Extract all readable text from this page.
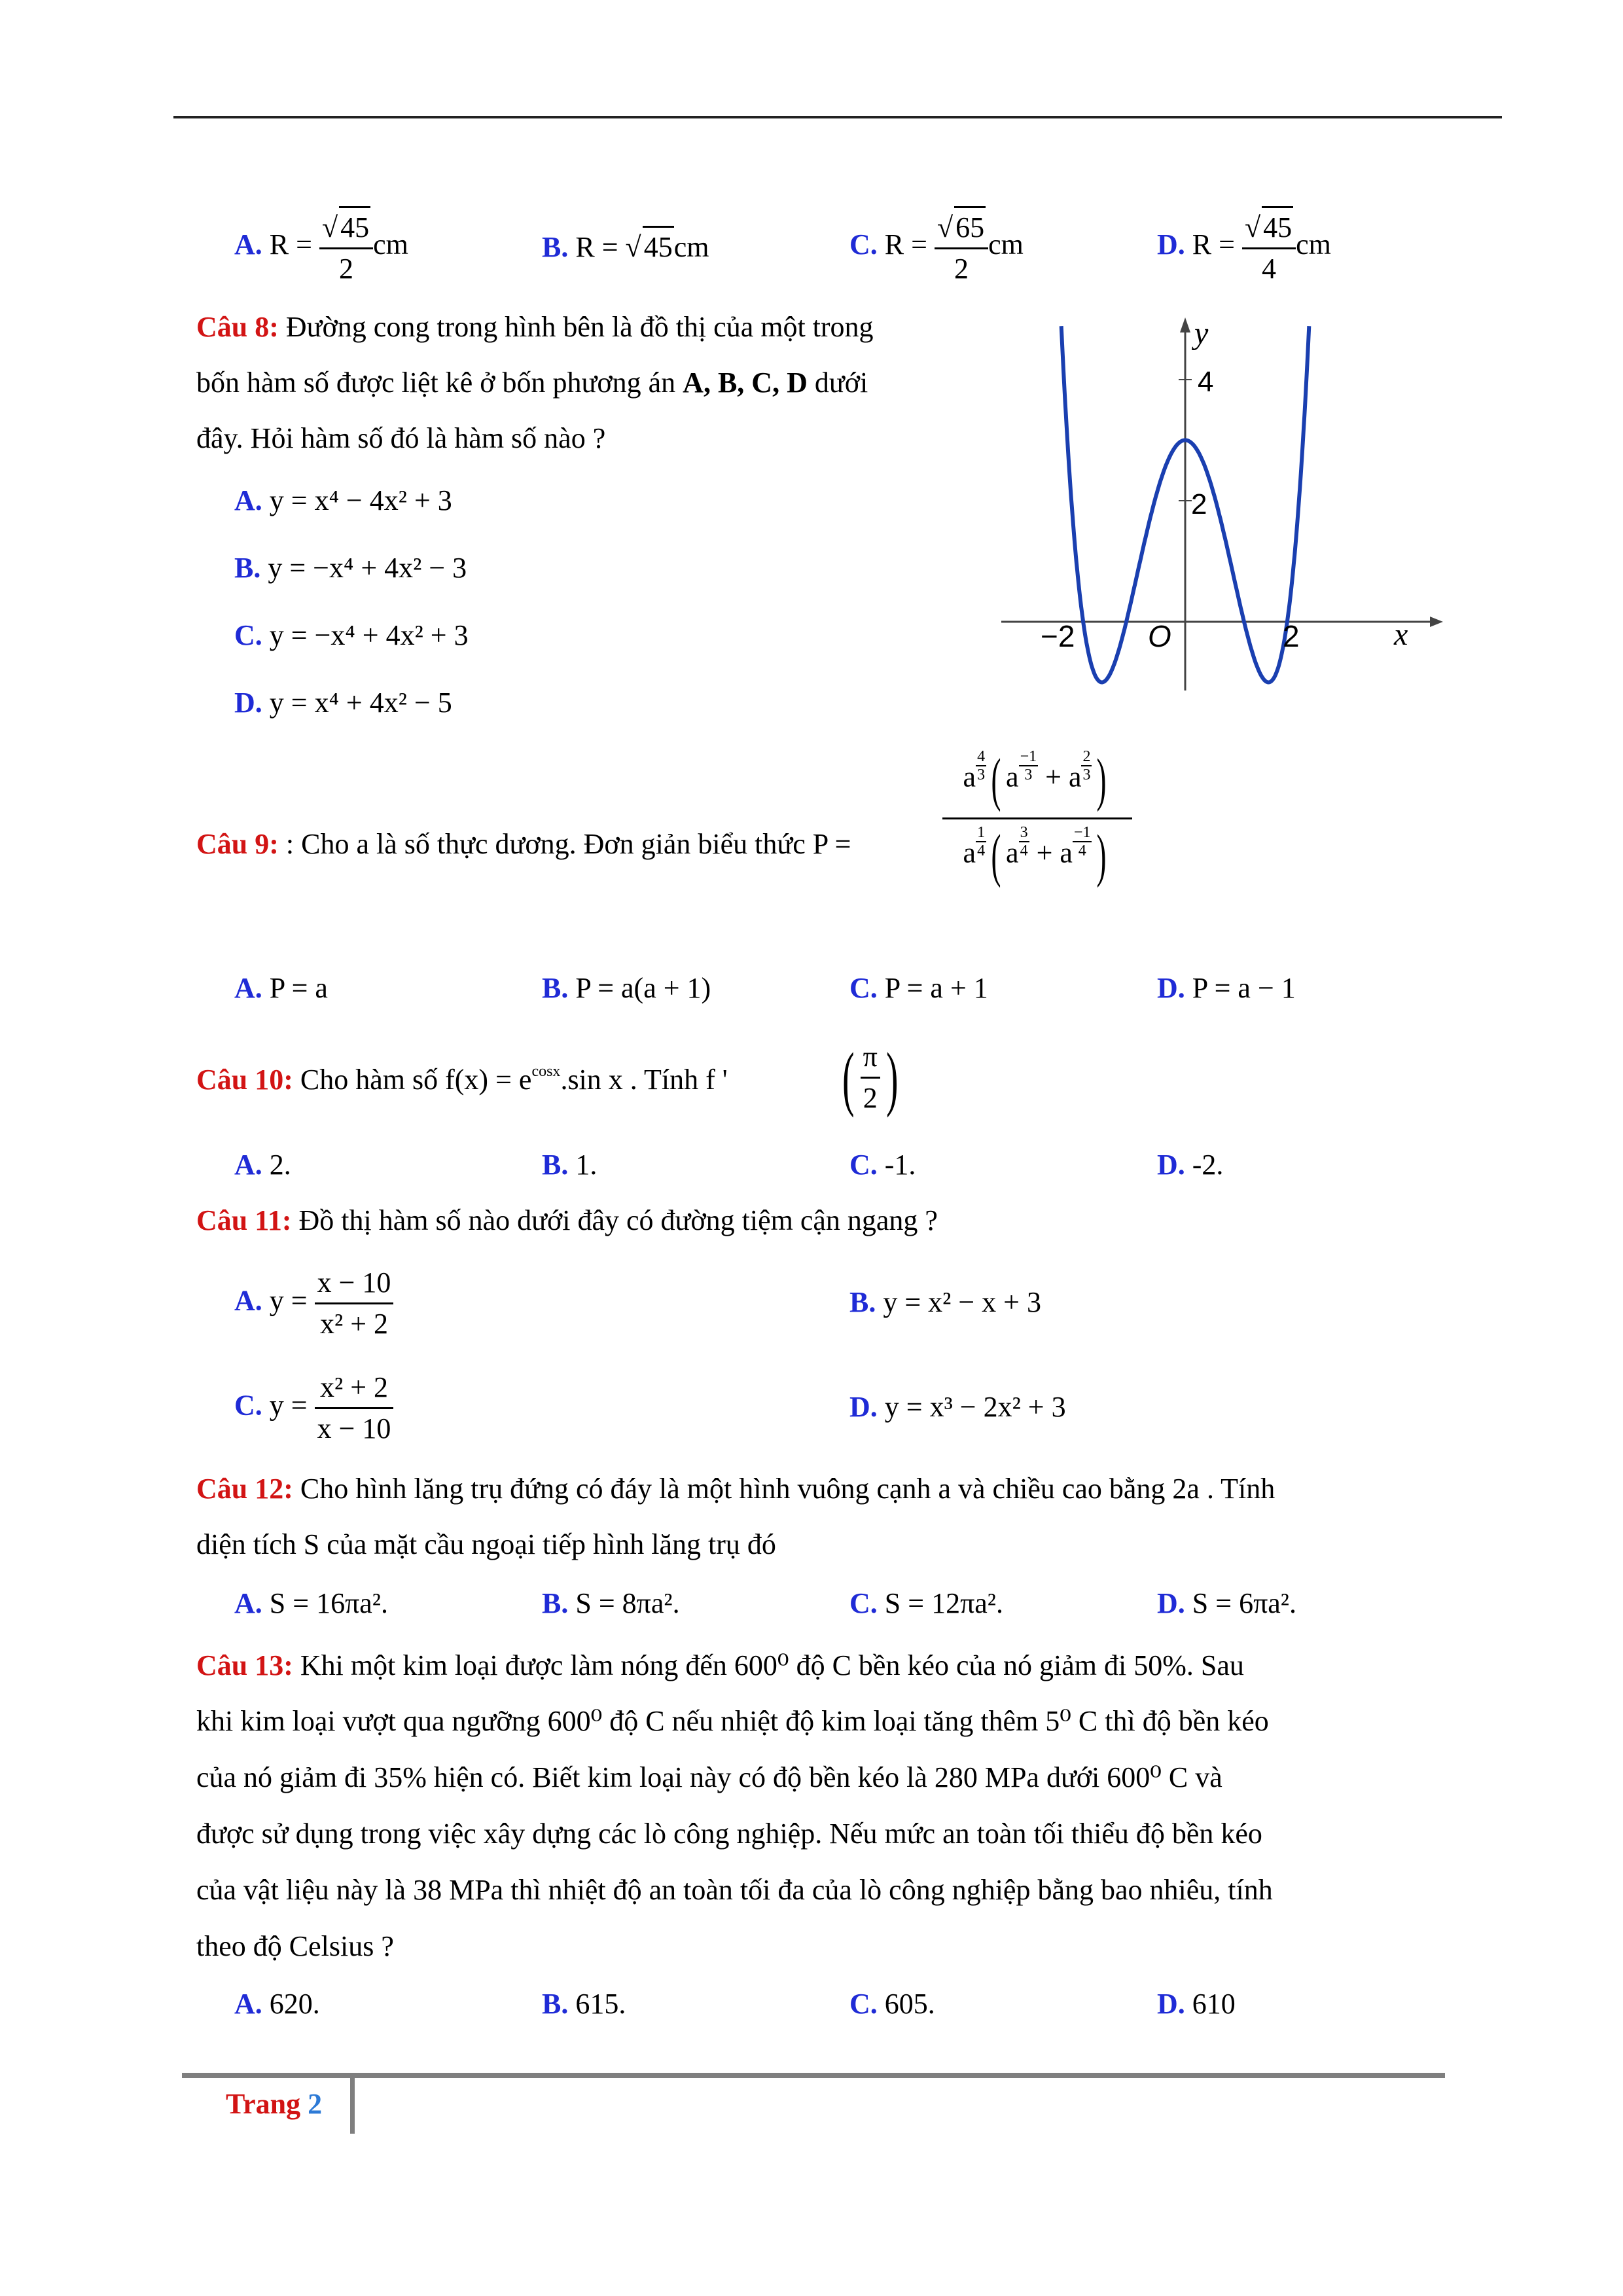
A. $R = \frac{√45}{2}$ cm	B. R = √45cm	C. $R = \frac{√65}{2}$ cm	D. $R = \frac{√45}{4}$ cm
Câu 8: Đường cong trong hình bên là đồ thị của một trong
bốn hàm số được liệt kê ở bốn phương án A, B, C, D dưới
đây. Hỏi hàm số đó là hàm số nào ?
A. y = x⁴ − 4x² + 3
B. y = −x⁴ + 4x² − 3
C. y = −x⁴ + 4x² + 3
D. y = x⁴ + 4x² − 5
y
4
2
−2 O	2	x
Câu 9: : Cho a là số thực dương. Đơn giản biểu thức P =
a $\frac{4}{3}$ ( a $\frac{-1}{3} + a \frac{2}{3}$ )
a $\frac{1}{4}$ ( a $\frac{3}{4} + a \frac{-1}{4}$ )
A. P = a	B. P = a(a + 1)	C. P = a + 1	D. P = a − 1
Câu 10: Cho hàm số $f(x) = e^{cosx}.\sin$ x . Tính f ' ( $\frac{\pi}{2}$ )
A. 2.	B. 1.	C. -1.	D. -2.
Câu 11: Đồ thị hàm số nào dưới đây có đường tiệm cận ngang ?
A. $y = \frac{x - 10}{\text{x² + 2}}$	B. y = x² − x + 3
C. $y = \frac{\text{x² + 2}}{x - 10}$	D. y = x³ − 2x² + 3
Câu 12: Cho hình lăng trụ đứng có đáy là một hình vuông cạnh a và chiều cao bằng 2a . Tính
diện tích S của mặt cầu ngoại tiếp hình lăng trụ đó
A. S = 16πa².	B. S = 8πa².	C. S = 12πa².	D. S = 6πa².
Câu 13: Khi một kim loại được làm nóng đến 600⁰ độ C bền kéo của nó giảm đi 50%. Sau
khi kim loại vượt qua ngưỡng 600⁰ độ C nếu nhiệt độ kim loại tăng thêm 5⁰ C thì độ bền kéo
của nó giảm đi 35% hiện có. Biết kim loại này có độ bền kéo là 280 MPa dưới 600⁰ C và
được sử dụng trong việc xây dựng các lò công nghiệp. Nếu mức an toàn tối thiểu độ bền kéo
của vật liệu này là 38 MPa thì nhiệt độ an toàn tối đa của lò công nghiệp bằng bao nhiêu, tính
theo độ Celsius ?
A. 620.	B. 615.	C. 605.	D. 610
Trang 2
